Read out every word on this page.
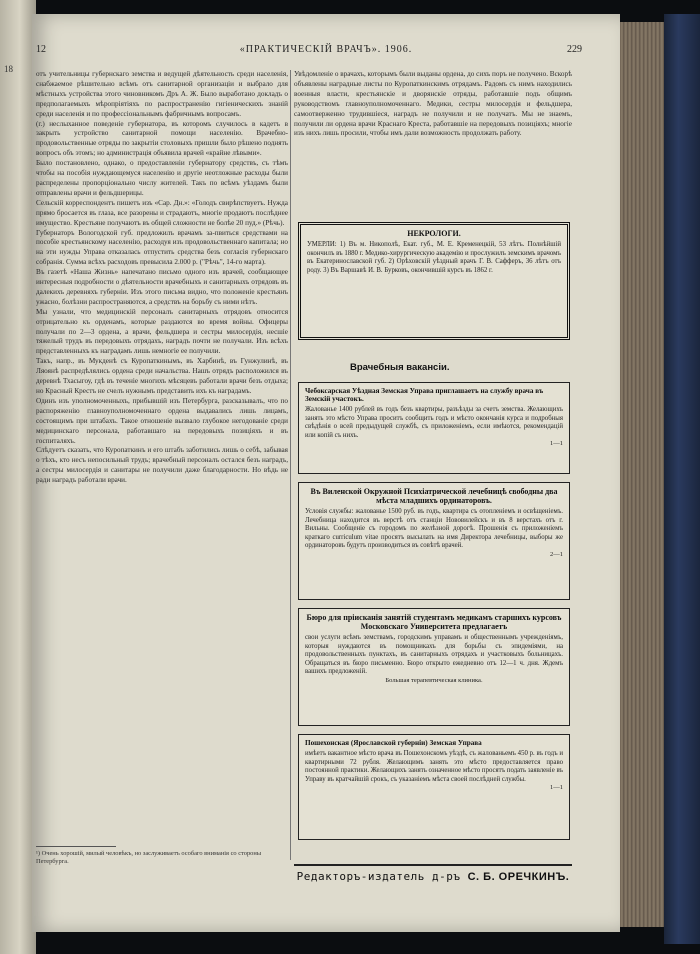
18
12	«ПРАКТИЧЕСКІЙ ВРАЧЪ». 1906.	229

отъ учительницы губернскаго земства и ведущей дѣятельность среди населенія, снабжаемое рѣшительно всѣмъ отъ санитарной организаціи и выбрало для мѣстныхъ устройства этого чиновникомъ Дръ А. Ж. Было выработано докладъ о предполагаемыхъ мѣропріятіяхъ по распространенію гигіеническихъ знаній среди населенія и по профессіональнымъ фабричнымъ вопросамъ.

(г.) неслыханное поведеніе губернатора, въ которомъ случилось в кадетъ в закрыть устройство санитарной помощи населенію. Врачебно-продовольственные отряды по закрытіи столовыхъ пришли было рѣшено поднять вопросъ объ этомъ; но администрація объявила врачей «крайне лѣвыми».

Было постановлено, однако, о предоставленіи губернатору средствъ, съ тѣмъ чтобы на пособія нуждающемуся населенію и другіе неотложные расходы были распределены пропорціонально числу жителей. Такъ по всѣмъ уѣздамъ были отправлены врачи и фельдшерицы.

Сельскій корреспондентъ пишетъ изъ «Сар. Дн.»: «Голодъ свирѣпствуетъ. Нужда прямо бросается въ глаза, все разорены и страдаютъ, многіе продаютъ послѣднее имущество. Крестьяне получаютъ въ общей сложности не болѣе 20 пуд.» (Рѣчь).

Губернаторъ Вологодской губ. предложилъ врачамъ за-пвиться средствами на пособіе крестьянскому населенію, расходуя изъ продовольственнаго капитала; но на эти нужды Управа отказалась отпустить средства безъ согласія губернскаго собранія. Сумма всѣхъ расходовъ превысила 2.000 р. ("Рѣчь", 14-го марта).

Въ газетѣ «Наша Жизнь» напечатано письмо одного изъ врачей, сообщающее интересныя подробности о дѣятельности врачебныхъ и санитарныхъ отрядовъ въ далекихъ деревняхъ губерніи. Изъ этого письма видно, что положеніе крестьянъ ужасно, болѣзни распространяются, а средствъ на борьбу съ ними нѣтъ.

Мы узнали, что медицинскій персоналъ санитарныхъ отрядовъ относится отрицательно къ орденамъ, которые раздаются во время войны. Офицеры получали по 2—3 ордена, а врачи, фельдшера и сестры милосердія, несшіе тяжелый трудъ въ передовыхъ отрядахъ, наградъ почти не получали. Изъ всѣхъ представленныхъ къ наградамъ лишь немногіе ее получили.

Такъ, напр., въ Мукденѣ съ Куропаткинымъ, въ Харбинѣ, въ Гунжулинѣ, въ Ляоянѣ распредѣлялись ордена среди начальства. Нашъ отрядъ расположился въ деревнѣ Тхасыгоу, гдѣ въ теченіе многихъ мѣсяцевъ работали врачи безъ отдыха; но Красный Крестъ не счелъ нужнымъ представить ихъ къ наградамъ.

Одинъ изъ уполномоченныхъ, прибывшій изъ Петербурга, разсказывалъ, что по распоряженію главноуполномоченнаго ордена выдавались лишь лицамъ, состоящимъ при штабахъ. Такое отношеніе вызвало глубокое негодованіе среди медицинскаго персонала, работавшаго на передовыхъ позиціяхъ и въ госпиталяхъ.

Слѣдуетъ сказать, что Куропаткинъ и его штабъ заботились лишь о себѣ, забывая о тѣхъ, кто несъ непосильный трудъ; врачебный персоналъ остался безъ наградъ, а сестры милосердія и санитары не получили даже благодарности. Но вѣдь не ради наградъ работали врачи.

¹) Очень хорошій, милый человѣкъ, но заслуживаетъ особаго вниманія со стороны Петербурга.

Увѣдомленіе о врачахъ, которымъ были выданы ордена, до сихъ поръ не получено. Вскорѣ объявлены наградные листы по Куропаткинскимъ отрядамъ. Радомъ съ нимъ находились военныя власти, крестьянскіе и дворянскіе отряды, работавшіе подъ общимъ руководствомъ главноуполномоченнаго. Медики, сестры милосердія и фельдшера, самоотверженно трудившіеся, наградъ не получили и не получатъ. Мы не знаемъ, получили ли ордена врачи Краснаго Креста, работавшіе на передовыхъ позиціяхъ; многіе изъ нихъ лишь просили, чтобы имъ дали возможность продолжать работу.

НЕКРОЛОГИ.
УМЕРЛИ: 1) Въ м. Никополѣ, Екат. губ., М. Е. Кременецкій, 53 лѣтъ. Полнѣйшій окончилъ въ 1880 г. Медико-хирургическую академію и прослужилъ земскимъ врачомъ въ Екатеринославской губ. 2) Орѣховскій уѣздный врачъ Г. В. Сафферъ, 36 лѣтъ отъ роду. 3) Въ Варшавѣ И. В. Бурковъ, окончившій курсъ въ 1862 г.
Врачебныя вакансіи.
Чебоксарская Уѣздная Земская Управа приглашаетъ на службу врача въ Земскій участокъ.
Жалованье 1400 рублей въ годъ безъ квартиры, разъѣзды за счетъ земства. Желающихъ занять это мѣсто Управа проситъ сообщить годъ и мѣсто окончанія курса и подробныя свѣдѣнія о всей предыдущей службѣ, съ приложеніемъ, если имѣются, рекомендацій или копій съ нихъ.
1—1
Въ Виленской Окружной Психіатрической лечебницѣ свободны два мѣста младшихъ ординаторовъ.
Условія службы: жалованье 1500 руб. въ годъ, квартира съ отопленіемъ и освѣщеніемъ. Лечебница находится въ верстѣ отъ станціи Нововилейскъ и въ 8 верстахъ отъ г. Вильны. Сообщеніе съ городомъ по желѣзной дорогѣ. Прошенія съ приложеніемъ краткаго curriculum vitae просятъ высылать на имя Директора лечебницы, выборы же ординаторовъ будутъ производиться въ совѣтѣ врачей.
2—1
Бюро для пріисканія занятій студентамъ медикамъ старшихъ курсовъ Московскаго Университета предлагаетъ
свои услуги всѣмъ земствамъ, городскимъ управамъ и общественнымъ учрежденіямъ, которыя нуждаются въ помощникахъ для борьбы съ эпидеміями, на продовольственныхъ пунктахъ, въ санитарныхъ отрядахъ и участковыхъ больницахъ. Обращаться въ бюро письменно. Бюро открыто ежедневно отъ 12—1 ч. дня. Ждемъ вашихъ предложеній.
Большая терапевтическая клиника.
Пошехонская (Ярославской губерніи) Земская Управа
имѣетъ вакантное мѣсто врача въ Пошехонскомъ уѣздѣ, съ жалованьемъ 450 р. въ годъ и квартирными 72 рубля. Желающимъ занять это мѣсто предоставляется право постоянной практики. Желающихъ занять означенное мѣсто просятъ подать заявленіе въ Управу въ кратчайшій срокъ, съ указаніемъ мѣста своей послѣдней службы.
1—1
Редакторъ-издатель д-ръ С. Б. ОРЕЧКИНЪ.
